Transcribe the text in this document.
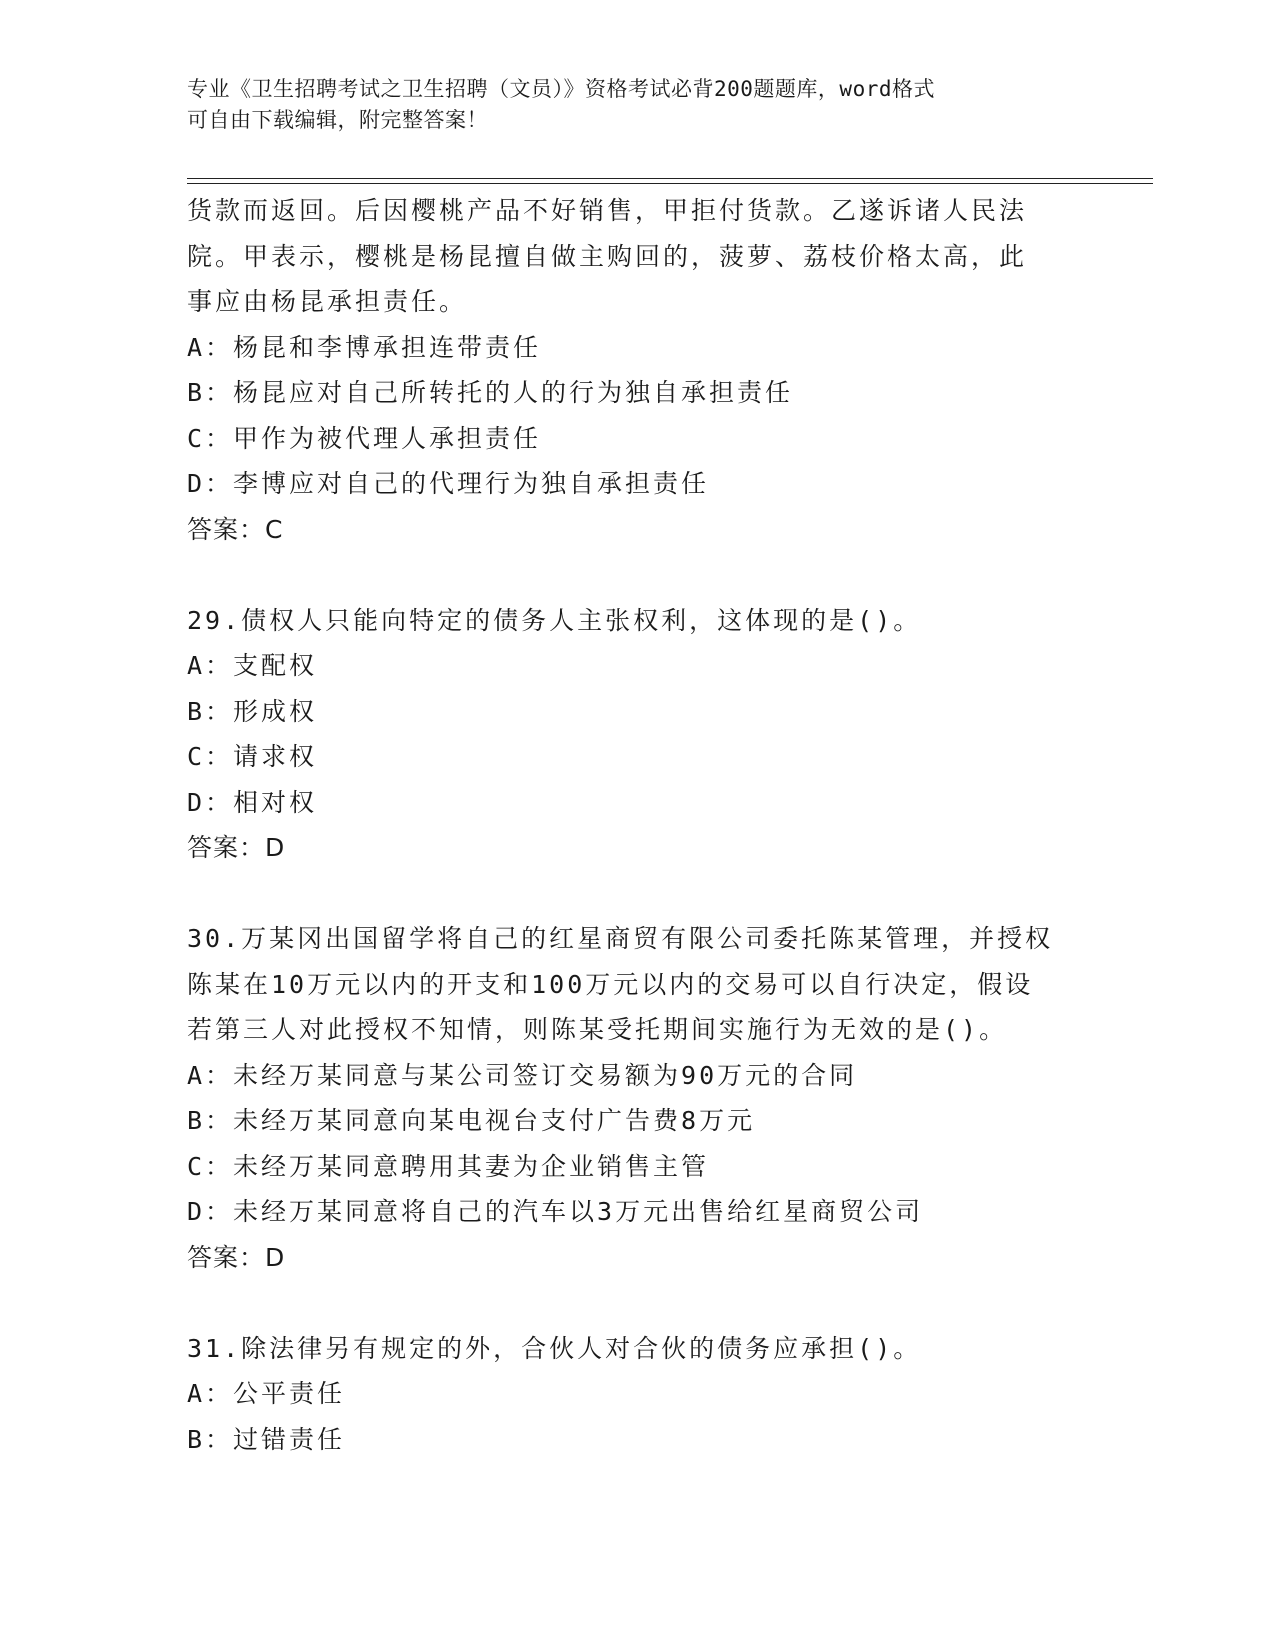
专业《卫生招聘考试之卫生招聘（文员）》资格考试必背200题题库，word格式
可自由下载编辑，附完整答案！
货款而返回。后因樱桃产品不好销售，甲拒付货款。乙遂诉诸人民法
院。甲表示，樱桃是杨昆擅自做主购回的，菠萝、荔枝价格太高，此
事应由杨昆承担责任。
A：杨昆和李博承担连带责任
B：杨昆应对自己所转托的人的行为独自承担责任
C：甲作为被代理人承担责任
D：李博应对自己的代理行为独自承担责任
答案：C
29.债权人只能向特定的债务人主张权利，这体现的是()。
A：支配权
B：形成权
C：请求权
D：相对权
答案：D
30.万某冈出国留学将自己的红星商贸有限公司委托陈某管理，并授权
陈某在10万元以内的开支和100万元以内的交易可以自行决定，假设
若第三人对此授权不知情，则陈某受托期间实施行为无效的是()。
A：未经万某同意与某公司签订交易额为90万元的合同
B：未经万某同意向某电视台支付广告费8万元
C：未经万某同意聘用其妻为企业销售主管
D：未经万某同意将自己的汽车以3万元出售给红星商贸公司
答案：D
31.除法律另有规定的外，合伙人对合伙的债务应承担()。
A：公平责任
B：过错责任
